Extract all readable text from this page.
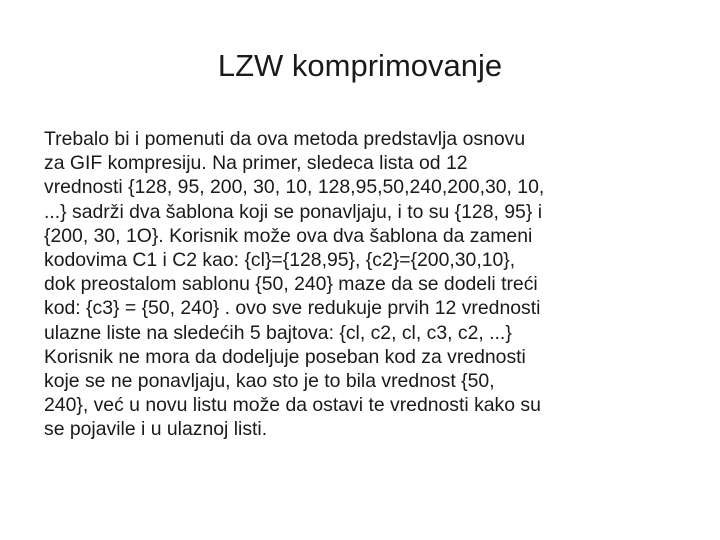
LZW komprimovanje
Trebalo bi i pomenuti da ova metoda predstavlja osnovu
za GIF kompresiju. Na primer, sledeca lista od 12
vrednosti {128, 95, 200, 30, 10, 128,95,50,240,200,30, 10,
...} sadrži dva šablona koji se ponavljaju, i to su {128, 95} i
{200, 30, 1O}. Korisnik može ova dva šablona da zameni
kodovima C1 i C2 kao: {cl}={128,95}, {c2}={200,30,10},
dok preostalom sablonu {50, 240} maze da se dodeli treći
kod: {c3} = {50, 240} . ovo sve redukuje prvih 12 vrednosti
ulazne liste na sledećih 5 bajtova: {cl, c2, cl, c3, c2, ...}
Korisnik ne mora da dodeljuje poseban kod za vrednosti
koje se ne ponavljaju, kao sto je to bila vrednost {50,
240}, već u novu listu može da ostavi te vrednosti kako su
se pojavile i u ulaznoj listi.
